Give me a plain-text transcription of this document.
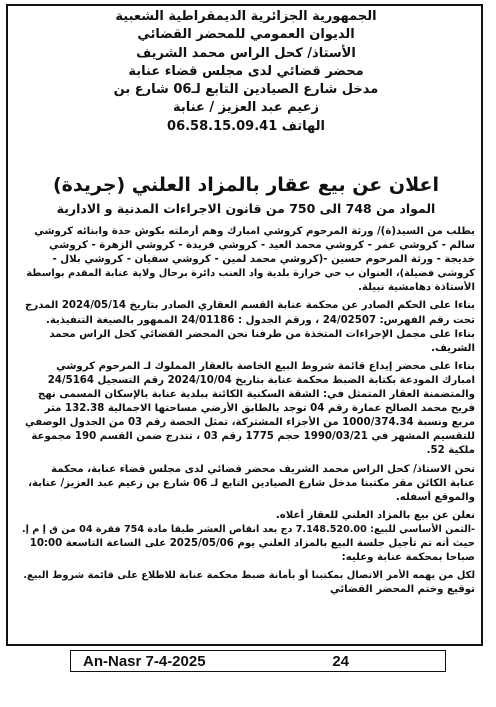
الجمهورية الجزائرية الديمقراطية الشعبية
الديوان العمومي للمحضر القضائي
الأستاذ/ كحل الراس محمد الشريف
محضر قضائي لدى مجلس قضاء عنابة
مدخل شارع الصيادين التابع لـ06 شارع بن
زعيم عبد العزيز / عنابة
الهاتف 06.58.15.09.41
اعلان عن بيع عقار بالمزاد العلني (جريدة)
المواد من 748 الى 750 من قانون الاجراءات المدنية و الادارية
بطلب من السيد(ة)/ ورثة المرحوم كروشي امبارك وهم أرملته بكوش حدة وابنائه كروشي
سالم - كروشي عمر - كروشي محمد العيد - كروشي فريدة - كروشي الزهرة - كروشي
خديجة - ورثة المرحوم حسين -(كروشي محمد لمين - كروشي سفيان - كروشي بلال -
كروشي فضيلة)، العنوان ب حي خرازة بلدية واد العنب دائرة برحال ولاية عنابة المقدم بواسطة
الأستاذة دهامشية نبيلة.
بناءا على الحكم الصادر عن محكمة عنابة القسم العقاري الصادر بتاريخ 2024/05/14 المدرج
تحت رقم الفهرس: 24/02507 ، ورقم الجدول : 24/01186 الممهور بالصيغة التنفيذية.
بناءا على مجمل الإجراءات المتخذة من طرفنا نحن المحضر القضائي كحل الراس محمد
الشريف.
بناءا على محضر إيداع قائمة شروط البيع الخاصة بالعقار المملوك لـ المرحوم كروشي
امبارك المودعة بكتابة الضبط محكمة عنابة بتاريخ 2024/10/04 رقم التسجيل 24/5164
والمتضمنة العقار المتمثل في: الشقة السكنية الكائنة ببلدية عنابة بالإسكان المسمى نهج
فريح محمد الصالح عمارة رقم 04 توجد بالطابق الأرضي مساحتها الاجمالية 132.38 متر
مربع ونسبة 1000/374.34 من الأجزاء المشتركة، تمثل الحصة رقم 03 من الجدول الوصفي
للتقسيم المشهر في 1990/03/21 حجم 1775 رقم 03 ، تندرج ضمن القسم 190 مجموعة
ملكية 52.
نحن الاستاذ/ كحل الراس محمد الشريف محضر قضائي لدى مجلس قضاء عنابة، محكمة
عنابة الكائن مقر مكتبنا مدخل شارع الصيادين التابع لـ 06 شارع بن زعيم عبد العزيز/ عنابة،
والموقع أسفله.
نعلن عن بيع بالمزاد العلني للعقار أعلاه.
-الثمن الأساسي للبيع: 7.148.520.00 دج بعد انقاص العشر طبقا مادة 754 فقرة 04 من ق إ م إ.
حيث أنه تم تأجيل جلسة البيع بالمزاد العلني يوم 2025/05/06 على الساعة التاسعة 10:00
صباحا بمحكمة عنابة وعليه:
لكل من يهمه الأمر الاتصال بمكتبنا أو بأمانة ضبط محكمة عنابة للاطلاع على قائمة شروط البيع.
توقيع وختم المحضر القضائي
An-Nasr 7-4-2025	24
